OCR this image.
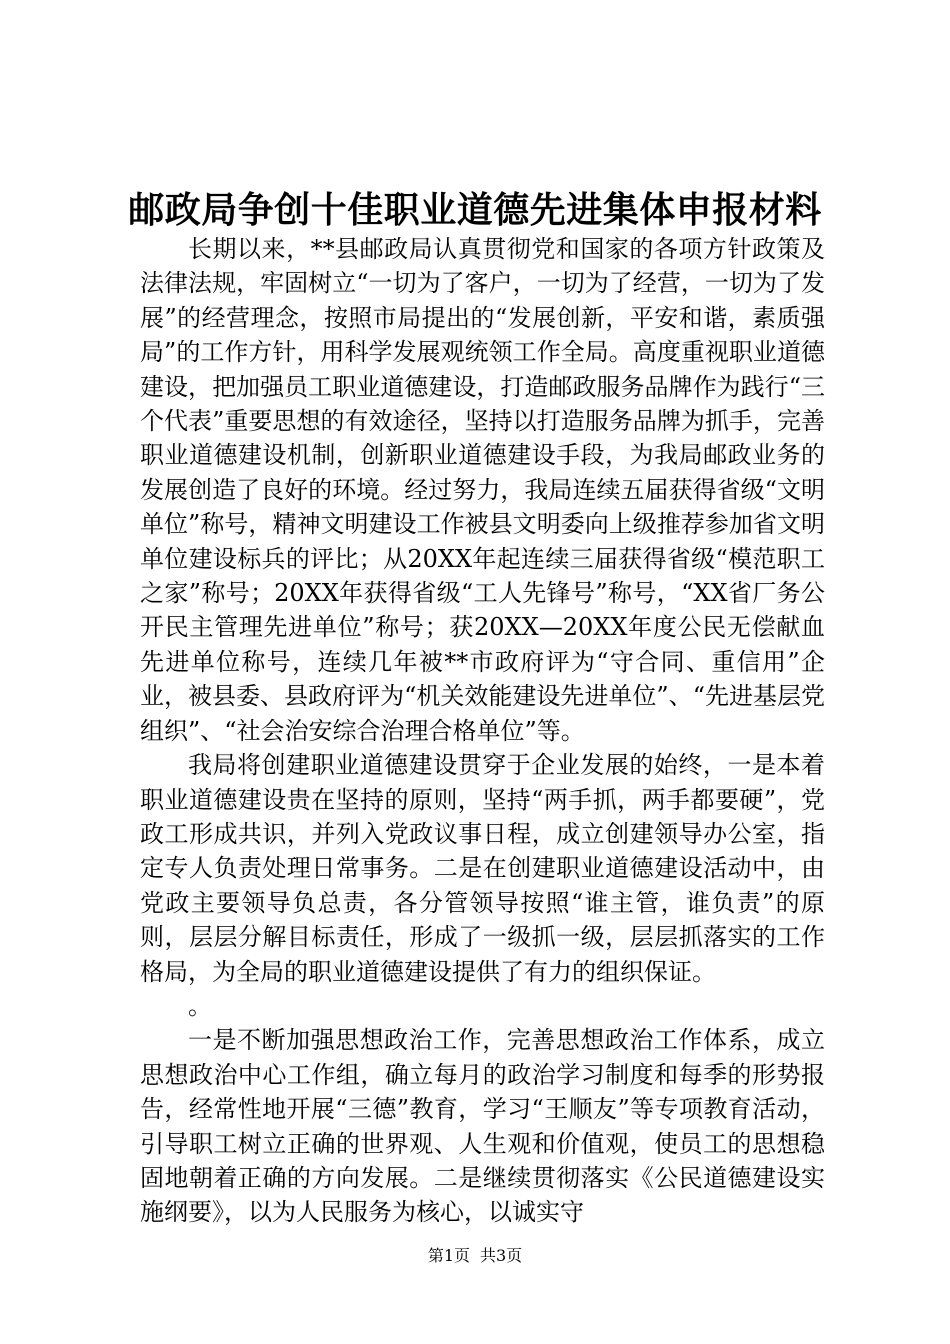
邮政局争创十佳职业道德先进集体申报材料

长期以来，**县邮政局认真贯彻党和国家的各项方针政策及法律法规，牢固树立“一切为了客户，一切为了经营，一切为了发展”的经营理念，按照市局提出的“发展创新，平安和谐，素质强局”的工作方针，用科学发展观统领工作全局。高度重视职业道德建设，把加强员工职业道德建设，打造邮政服务品牌作为践行“三个代表”重要思想的有效途径，坚持以打造服务品牌为抓手，完善职业道德建设机制，创新职业道德建设手段，为我局邮政业务的发展创造了良好的环境。经过努力，我局连续五届获得省级“文明单位”称号，精神文明建设工作被县文明委向上级推荐参加省文明单位建设标兵的评比；从20XX年起连续三届获得省级“模范职工之家”称号；20XX年获得省级“工人先锋号”称号，“XX省厂务公开民主管理先进单位”称号；获20XX—20XX年度公民无偿献血先进单位称号，连续几年被**市政府评为“守合同、重信用”企业，被县委、县政府评为“机关效能建设先进单位”、“先进基层党组织”、“社会治安综合治理合格单位”等。

我局将创建职业道德建设贯穿于企业发展的始终，一是本着职业道德建设贵在坚持的原则，坚持“两手抓，两手都要硬”，党政工形成共识，并列入党政议事日程，成立创建领导办公室，指定专人负责处理日常事务。二是在创建职业道德建设活动中，由党政主要领导负总责，各分管领导按照“谁主管，谁负责”的原则，层层分解目标责任，形成了一级抓一级，层层抓落实的工作格局，为全局的职业道德建设提供了有力的组织保证。

。

一是不断加强思想政治工作，完善思想政治工作体系，成立思想政治中心工作组，确立每月的政治学习制度和每季的形势报告，经常性地开展“三德”教育，学习“王顺友”等专项教育活动，引导职工树立正确的世界观、人生观和价值观，使员工的思想稳固地朝着正确的方向发展。二是继续贯彻落实《公民道德建设实施纲要》，以为人民服务为核心，以诚实守

第1页 共3页
